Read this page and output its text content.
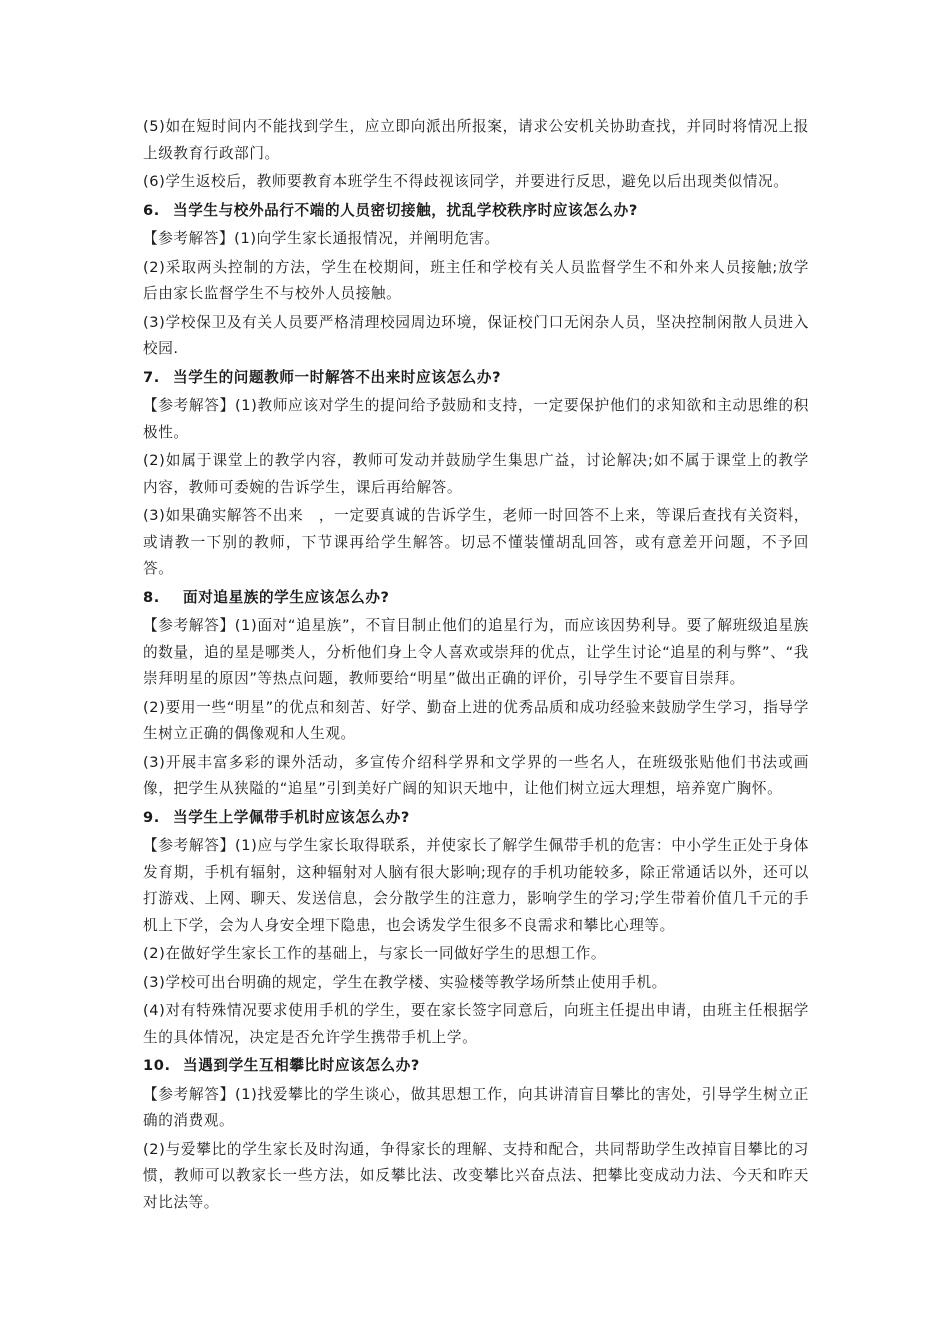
(5)如在短时间内不能找到学生，应立即向派出所报案，请求公安机关协助查找，并同时将情况上报上级教育行政部门。
(6)学生返校后，教师要教育本班学生不得歧视该同学，并要进行反思，避免以后出现类似情况。
6. 当学生与校外品行不端的人员密切接触，扰乱学校秩序时应该怎么办?
【参考解答】(1)向学生家长通报情况，并阐明危害。
(2)采取两头控制的方法，学生在校期间，班主任和学校有关人员监督学生不和外来人员接触;放学后由家长监督学生不与校外人员接触。
(3)学校保卫及有关人员要严格清理校园周边环境，保证校门口无闲杂人员，坚决控制闲散人员进入校园.
7. 当学生的问题教师一时解答不出来时应该怎么办?
【参考解答】(1)教师应该对学生的提问给予鼓励和支持，一定要保护他们的求知欲和主动思维的积极性。
(2)如属于课堂上的教学内容，教师可发动并鼓励学生集思广益，讨论解决;如不属于课堂上的教学内容，教师可委婉的告诉学生，课后再给解答。
(3)如果确实解答不出来　，一定要真诚的告诉学生，老师一时回答不上来，等课后查找有关资料，或请教一下别的教师，下节课再给学生解答。切忌不懂装懂胡乱回答，或有意差开问题，不予回答。
8. 面对追星族的学生应该怎么办?
【参考解答】(1)面对“追星族”，不盲目制止他们的追星行为，而应该因势利导。要了解班级追星族的数量，追的星是哪类人，分析他们身上令人喜欢或崇拜的优点，让学生讨论“追星的利与弊”、“我崇拜明星的原因”等热点问题，教师要给“明星”做出正确的评价，引导学生不要盲目崇拜。
(2)要用一些“明星”的优点和刻苦、好学、勤奋上进的优秀品质和成功经验来鼓励学生学习，指导学生树立正确的偶像观和人生观。
(3)开展丰富多彩的课外活动，多宣传介绍科学界和文学界的一些名人，在班级张贴他们书法或画像，把学生从狭隘的“追星”引到美好广阔的知识天地中，让他们树立远大理想，培养宽广胸怀。
9. 当学生上学佩带手机时应该怎么办?
【参考解答】(1)应与学生家长取得联系，并使家长了解学生佩带手机的危害：中小学生正处于身体发育期，手机有辐射，这种辐射对人脑有很大影响;现存的手机功能较多，除正常通话以外，还可以打游戏、上网、聊天、发送信息，会分散学生的注意力，影响学生的学习;学生带着价值几千元的手机上下学，会为人身安全埋下隐患，也会诱发学生很多不良需求和攀比心理等。
(2)在做好学生家长工作的基础上，与家长一同做好学生的思想工作。
(3)学校可出台明确的规定，学生在教学楼、实验楼等教学场所禁止使用手机。
(4)对有特殊情况要求使用手机的学生，要在家长签字同意后，向班主任提出申请，由班主任根据学生的具体情况，决定是否允许学生携带手机上学。
10. 当遇到学生互相攀比时应该怎么办?
【参考解答】(1)找爱攀比的学生谈心，做其思想工作，向其讲清盲目攀比的害处，引导学生树立正确的消费观。
(2)与爱攀比的学生家长及时沟通，争得家长的理解、支持和配合，共同帮助学生改掉盲目攀比的习惯，教师可以教家长一些方法，如反攀比法、改变攀比兴奋点法、把攀比变成动力法、今天和昨天对比法等。
